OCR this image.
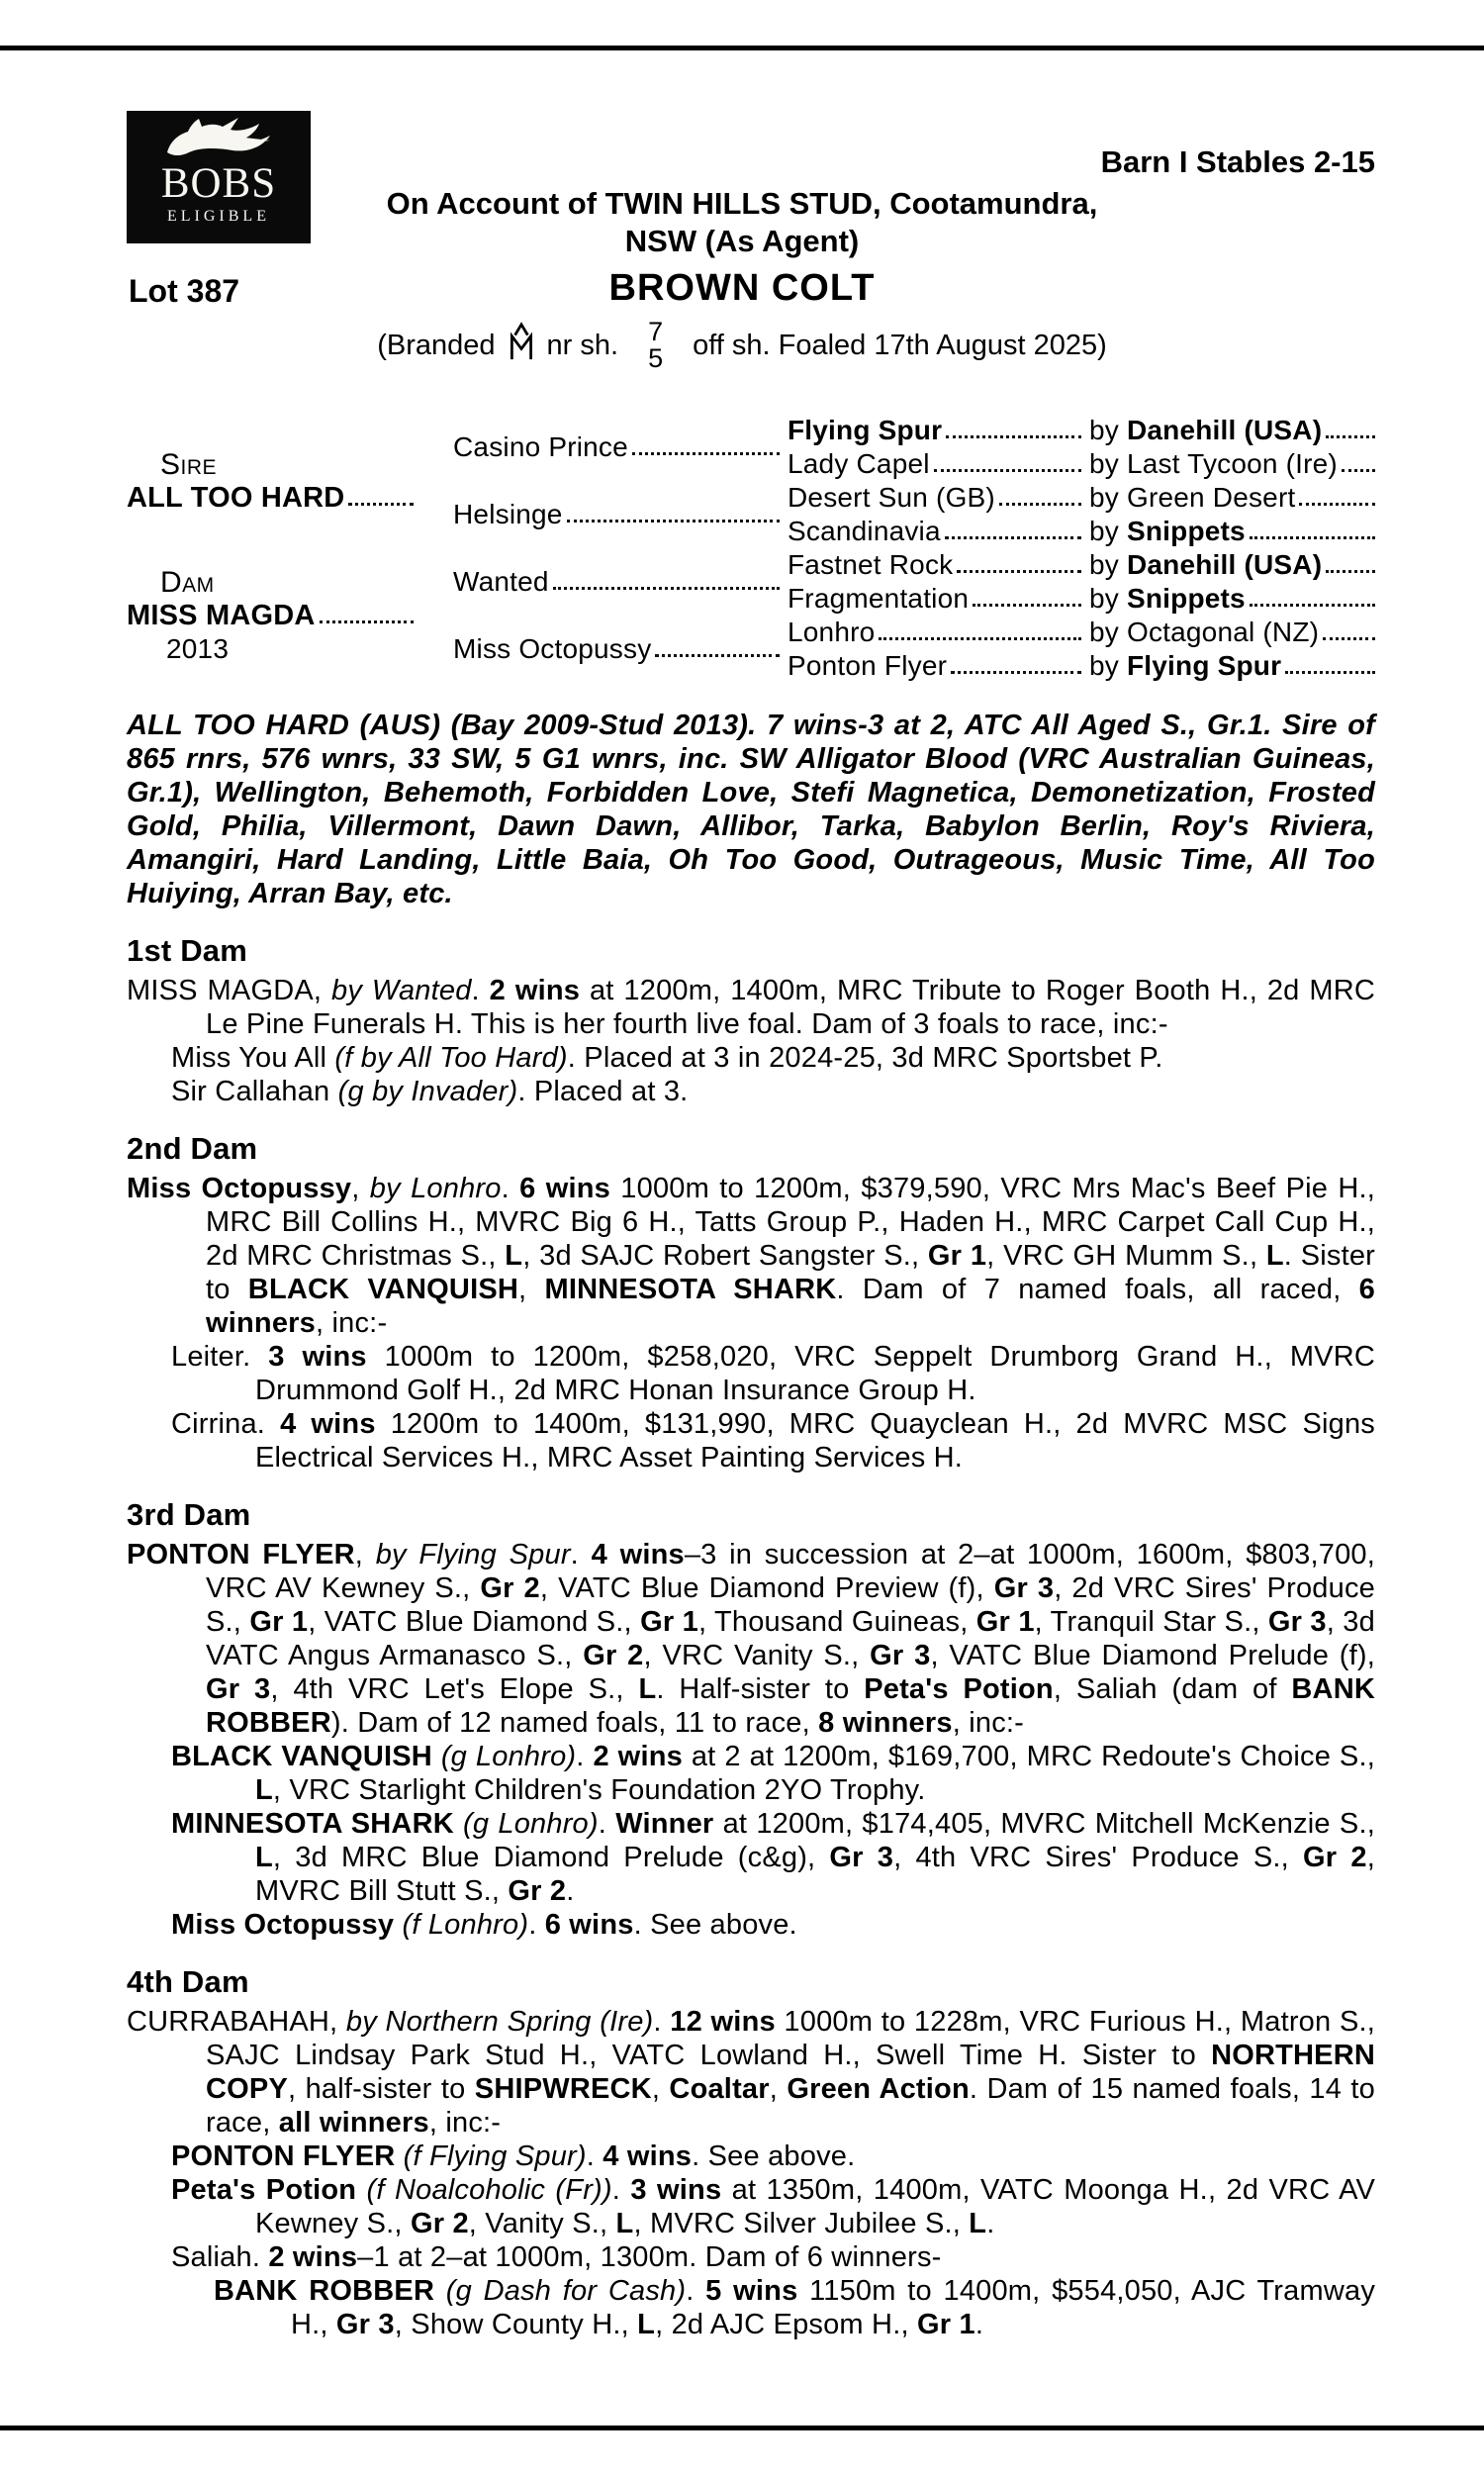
BOBS
ELIGIBLE
Barn I Stables 2-15
On Account of TWIN HILLS STUD, Cootamundra,
NSW (As Agent)
Lot 387	BROWN COLT
(Branded nr sh. 7
5 off sh. Foaled 17th August 2025)
Sire
ALL TOO HARD
Dam
MISS MAGDA
2013
Casino Prince
Helsinge
Wanted
Miss Octopussy
Flying Spur
Lady Capel
Desert Sun (GB)
Scandinavia
Fastnet Rock
Fragmentation
Lonhro
Ponton Flyer
by Danehill (USA)
by Last Tycoon (Ire)
by Green Desert
by Snippets
by Danehill (USA)
by Snippets
by Octagonal (NZ)
by Flying Spur

ALL TOO HARD (AUS) (Bay 2009-Stud 2013). 7 wins-3 at 2, ATC All Aged S., Gr.1. Sire of 865 rnrs, 576 wnrs, 33 SW, 5 G1 wnrs, inc. SW Alligator Blood (VRC Australian Guineas, Gr.1), Wellington, Behemoth, Forbidden Love, Stefi Magnetica, Demonetization, Frosted Gold, Philia, Villermont, Dawn Dawn, Allibor, Tarka, Babylon Berlin, Roy's Riviera, Amangiri, Hard Landing, Little Baia, Oh Too Good, Outrageous, Music Time, All Too Huiying, Arran Bay, etc.

1st Dam

MISS MAGDA, by Wanted. 2 wins at 1200m, 1400m, MRC Tribute to Roger Booth H., 2d MRC Le Pine Funerals H. This is her fourth live foal. Dam of 3 foals to race, inc:-

Miss You All (f by All Too Hard). Placed at 3 in 2024-25, 3d MRC Sportsbet P.

Sir Callahan (g by Invader). Placed at 3.

2nd Dam

Miss Octopussy, by Lonhro. 6 wins 1000m to 1200m, $379,590, VRC Mrs Mac's Beef Pie H., MRC Bill Collins H., MVRC Big 6 H., Tatts Group P., Haden H., MRC Carpet Call Cup H., 2d MRC Christmas S., L, 3d SAJC Robert Sangster S., Gr 1, VRC GH Mumm S., L. Sister to BLACK VANQUISH, MINNESOTA SHARK. Dam of 7 named foals, all raced, 6 winners, inc:-

Leiter. 3 wins 1000m to 1200m, $258,020, VRC Seppelt Drumborg Grand H., MVRC Drummond Golf H., 2d MRC Honan Insurance Group H.

Cirrina. 4 wins 1200m to 1400m, $131,990, MRC Quayclean H., 2d MVRC MSC Signs Electrical Services H., MRC Asset Painting Services H.

3rd Dam

PONTON FLYER, by Flying Spur. 4 wins–3 in succession at 2–at 1000m, 1600m, $803,700, VRC AV Kewney S., Gr 2, VATC Blue Diamond Preview (f), Gr 3, 2d VRC Sires' Produce S., Gr 1, VATC Blue Diamond S., Gr 1, Thousand Guineas, Gr 1, Tranquil Star S., Gr 3, 3d VATC Angus Armanasco S., Gr 2, VRC Vanity S., Gr 3, VATC Blue Diamond Prelude (f), Gr 3, 4th VRC Let's Elope S., L. Half-sister to Peta's Potion, Saliah (dam of BANK ROBBER). Dam of 12 named foals, 11 to race, 8 winners, inc:-

BLACK VANQUISH (g Lonhro). 2 wins at 2 at 1200m, $169,700, MRC Redoute's Choice S., L, VRC Starlight Children's Foundation 2YO Trophy.

MINNESOTA SHARK (g Lonhro). Winner at 1200m, $174,405, MVRC Mitchell McKenzie S., L, 3d MRC Blue Diamond Prelude (c&g), Gr 3, 4th VRC Sires' Produce S., Gr 2, MVRC Bill Stutt S., Gr 2.

Miss Octopussy (f Lonhro). 6 wins. See above.

4th Dam

CURRABAHAH, by Northern Spring (Ire). 12 wins 1000m to 1228m, VRC Furious H., Matron S., SAJC Lindsay Park Stud H., VATC Lowland H., Swell Time H. Sister to NORTHERN COPY, half-sister to SHIPWRECK, Coaltar, Green Action. Dam of 15 named foals, 14 to race, all winners, inc:-

PONTON FLYER (f Flying Spur). 4 wins. See above.

Peta's Potion (f Noalcoholic (Fr)). 3 wins at 1350m, 1400m, VATC Moonga H., 2d VRC AV Kewney S., Gr 2, Vanity S., L, MVRC Silver Jubilee S., L.

Saliah. 2 wins–1 at 2–at 1000m, 1300m. Dam of 6 winners-

BANK ROBBER (g Dash for Cash). 5 wins 1150m to 1400m, $554,050, AJC Tramway H., Gr 3, Show County H., L, 2d AJC Epsom H., Gr 1.
